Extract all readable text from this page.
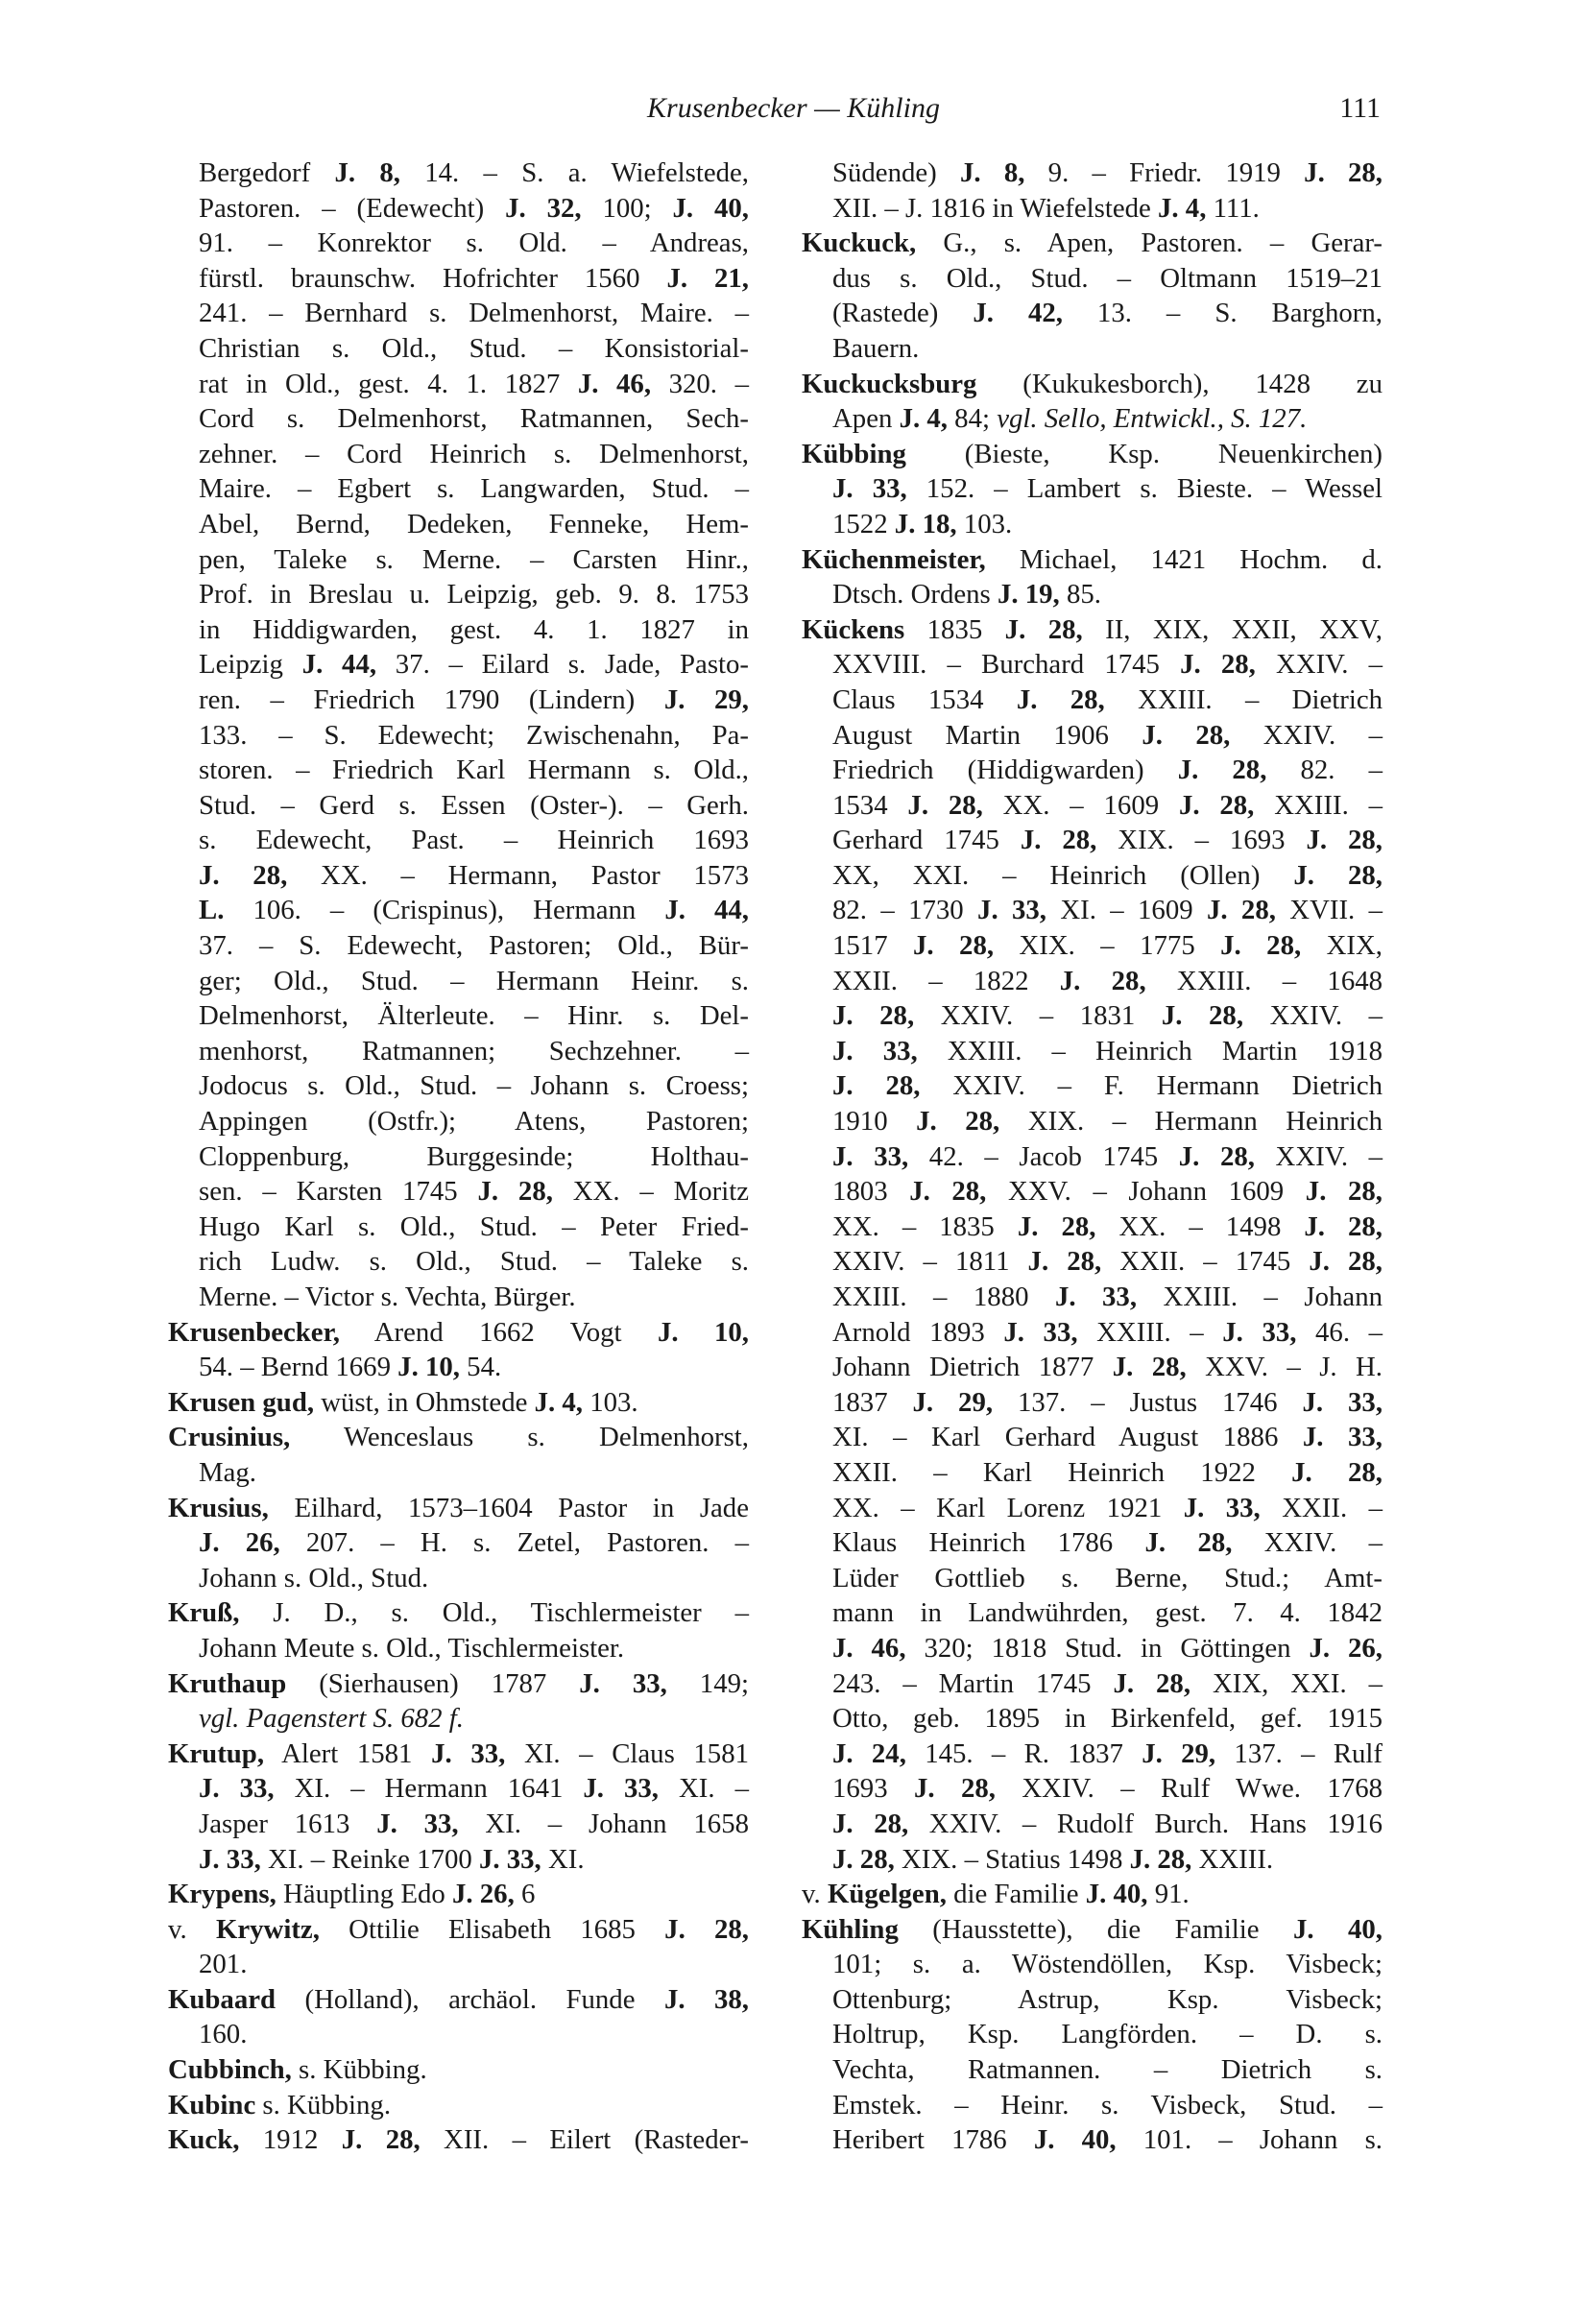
Krusenbecker — Kühling	111
Bergedorf J. 8, 14. – S. a. Wiefelstede,
Pastoren. – (Edewecht) J. 32, 100; J. 40,
91. – Konrektor s. Old. – Andreas,
fürstl. braunschw. Hofrichter 1560 J. 21,
241. – Bernhard s. Delmenhorst, Maire. –
Christian s. Old., Stud. – Konsistorial-
rat in Old., gest. 4. 1. 1827 J. 46, 320. –
Cord s. Delmenhorst, Ratmannen, Sech-
zehner. – Cord Heinrich s. Delmenhorst,
Maire. – Egbert s. Langwarden, Stud. –
Abel, Bernd, Dedeken, Fenneke, Hem-
pen, Taleke s. Merne. – Carsten Hinr.,
Prof. in Breslau u. Leipzig, geb. 9. 8. 1753
in Hiddigwarden, gest. 4. 1. 1827 in
Leipzig J. 44, 37. – Eilard s. Jade, Pasto-
ren. – Friedrich 1790 (Lindern) J. 29,
133. – S. Edewecht; Zwischenahn, Pa-
storen. – Friedrich Karl Hermann s. Old.,
Stud. – Gerd s. Essen (Oster-). – Gerh.
s. Edewecht, Past. – Heinrich 1693
J. 28, XX. – Hermann, Pastor 1573
L. 106. – (Crispinus), Hermann J. 44,
37. – S. Edewecht, Pastoren; Old., Bür-
ger; Old., Stud. – Hermann Heinr. s.
Delmenhorst, Älterleute. – Hinr. s. Del-
menhorst, Ratmannen; Sechzehner. –
Jodocus s. Old., Stud. – Johann s. Croess;
Appingen (Ostfr.); Atens, Pastoren;
Cloppenburg, Burggesinde; Holthau-
sen. – Karsten 1745 J. 28, XX. – Moritz
Hugo Karl s. Old., Stud. – Peter Fried-
rich Ludw. s. Old., Stud. – Taleke s.
Merne. – Victor s. Vechta, Bürger.
Krusenbecker, Arend 1662 Vogt J. 10,
54. – Bernd 1669 J. 10, 54.
Krusen gud, wüst, in Ohmstede J. 4, 103.
Crusinius, Wenceslaus s. Delmenhorst,
Mag.
Krusius, Eilhard, 1573–1604 Pastor in Jade
J. 26, 207. – H. s. Zetel, Pastoren. –
Johann s. Old., Stud.
Kruß, J. D., s. Old., Tischlermeister –
Johann Meute s. Old., Tischlermeister.
Kruthaup (Sierhausen) 1787 J. 33, 149;
vgl. Pagenstert S. 682 f.
Krutup, Alert 1581 J. 33, XI. – Claus 1581
J. 33, XI. – Hermann 1641 J. 33, XI. –
Jasper 1613 J. 33, XI. – Johann 1658
J. 33, XI. – Reinke 1700 J. 33, XI.
Krypens, Häuptling Edo J. 26, 6
v. Krywitz, Ottilie Elisabeth 1685 J. 28,
201.
Kubaard (Holland), archäol. Funde J. 38,
160.
Cubbinch, s. Kübbing.
Kubinc s. Kübbing.
Kuck, 1912 J. 28, XII. – Eilert (Rasteder-
Südende) J. 8, 9. – Friedr. 1919 J. 28,
XII. – J. 1816 in Wiefelstede J. 4, 111.
Kuckuck, G., s. Apen, Pastoren. – Gerar-
dus s. Old., Stud. – Oltmann 1519–21
(Rastede) J. 42, 13. – S. Barghorn,
Bauern.
Kuckucksburg (Kukukesborch), 1428 zu
Apen J. 4, 84; vgl. Sello, Entwickl., S. 127.
Kübbing (Bieste, Ksp. Neuenkirchen)
J. 33, 152. – Lambert s. Bieste. – Wessel
1522 J. 18, 103.
Küchenmeister, Michael, 1421 Hochm. d.
Dtsch. Ordens J. 19, 85.
Kückens 1835 J. 28, II, XIX, XXII, XXV,
XXVIII. – Burchard 1745 J. 28, XXIV. –
Claus 1534 J. 28, XXIII. – Dietrich
August Martin 1906 J. 28, XXIV. –
Friedrich (Hiddigwarden) J. 28, 82. –
1534 J. 28, XX. – 1609 J. 28, XXIII. –
Gerhard 1745 J. 28, XIX. – 1693 J. 28,
XX, XXI. – Heinrich (Ollen) J. 28,
82. – 1730 J. 33, XI. – 1609 J. 28, XVII. –
1517 J. 28, XIX. – 1775 J. 28, XIX,
XXII. – 1822 J. 28, XXIII. – 1648
J. 28, XXIV. – 1831 J. 28, XXIV. –
J. 33, XXIII. – Heinrich Martin 1918
J. 28, XXIV. – F. Hermann Dietrich
1910 J. 28, XIX. – Hermann Heinrich
J. 33, 42. – Jacob 1745 J. 28, XXIV. –
1803 J. 28, XXV. – Johann 1609 J. 28,
XX. – 1835 J. 28, XX. – 1498 J. 28,
XXIV. – 1811 J. 28, XXII. – 1745 J. 28,
XXIII. – 1880 J. 33, XXIII. – Johann
Arnold 1893 J. 33, XXIII. – J. 33, 46. –
Johann Dietrich 1877 J. 28, XXV. – J. H.
1837 J. 29, 137. – Justus 1746 J. 33,
XI. – Karl Gerhard August 1886 J. 33,
XXII. – Karl Heinrich 1922 J. 28,
XX. – Karl Lorenz 1921 J. 33, XXII. –
Klaus Heinrich 1786 J. 28, XXIV. –
Lüder Gottlieb s. Berne, Stud.; Amt-
mann in Landwührden, gest. 7. 4. 1842
J. 46, 320; 1818 Stud. in Göttingen J. 26,
243. – Martin 1745 J. 28, XIX, XXI. –
Otto, geb. 1895 in Birkenfeld, gef. 1915
J. 24, 145. – R. 1837 J. 29, 137. – Rulf
1693 J. 28, XXIV. – Rulf Wwe. 1768
J. 28, XXIV. – Rudolf Burch. Hans 1916
J. 28, XIX. – Statius 1498 J. 28, XXIII.
v. Kügelgen, die Familie J. 40, 91.
Kühling (Hausstette), die Familie J. 40,
101; s. a. Wöstendöllen, Ksp. Visbeck;
Ottenburg; Astrup, Ksp. Visbeck;
Holtrup, Ksp. Langförden. – D. s.
Vechta, Ratmannen. – Dietrich s.
Emstek. – Heinr. s. Visbeck, Stud. –
Heribert 1786 J. 40, 101. – Johann s.
